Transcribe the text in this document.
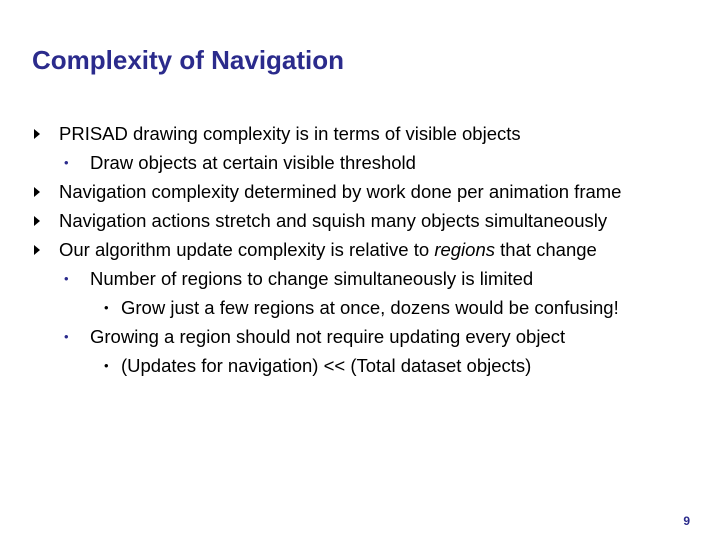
Complexity of Navigation
PRISAD drawing complexity is in terms of visible objects
• Draw objects at certain visible threshold
Navigation complexity determined by work done per animation frame
Navigation actions stretch and squish many objects simultaneously
Our algorithm update complexity is relative to regions that change
• Number of regions to change simultaneously is limited
• Grow just a few regions at once, dozens would be confusing!
• Growing a region should not require updating every object
• (Updates for navigation) << (Total dataset objects)
9
